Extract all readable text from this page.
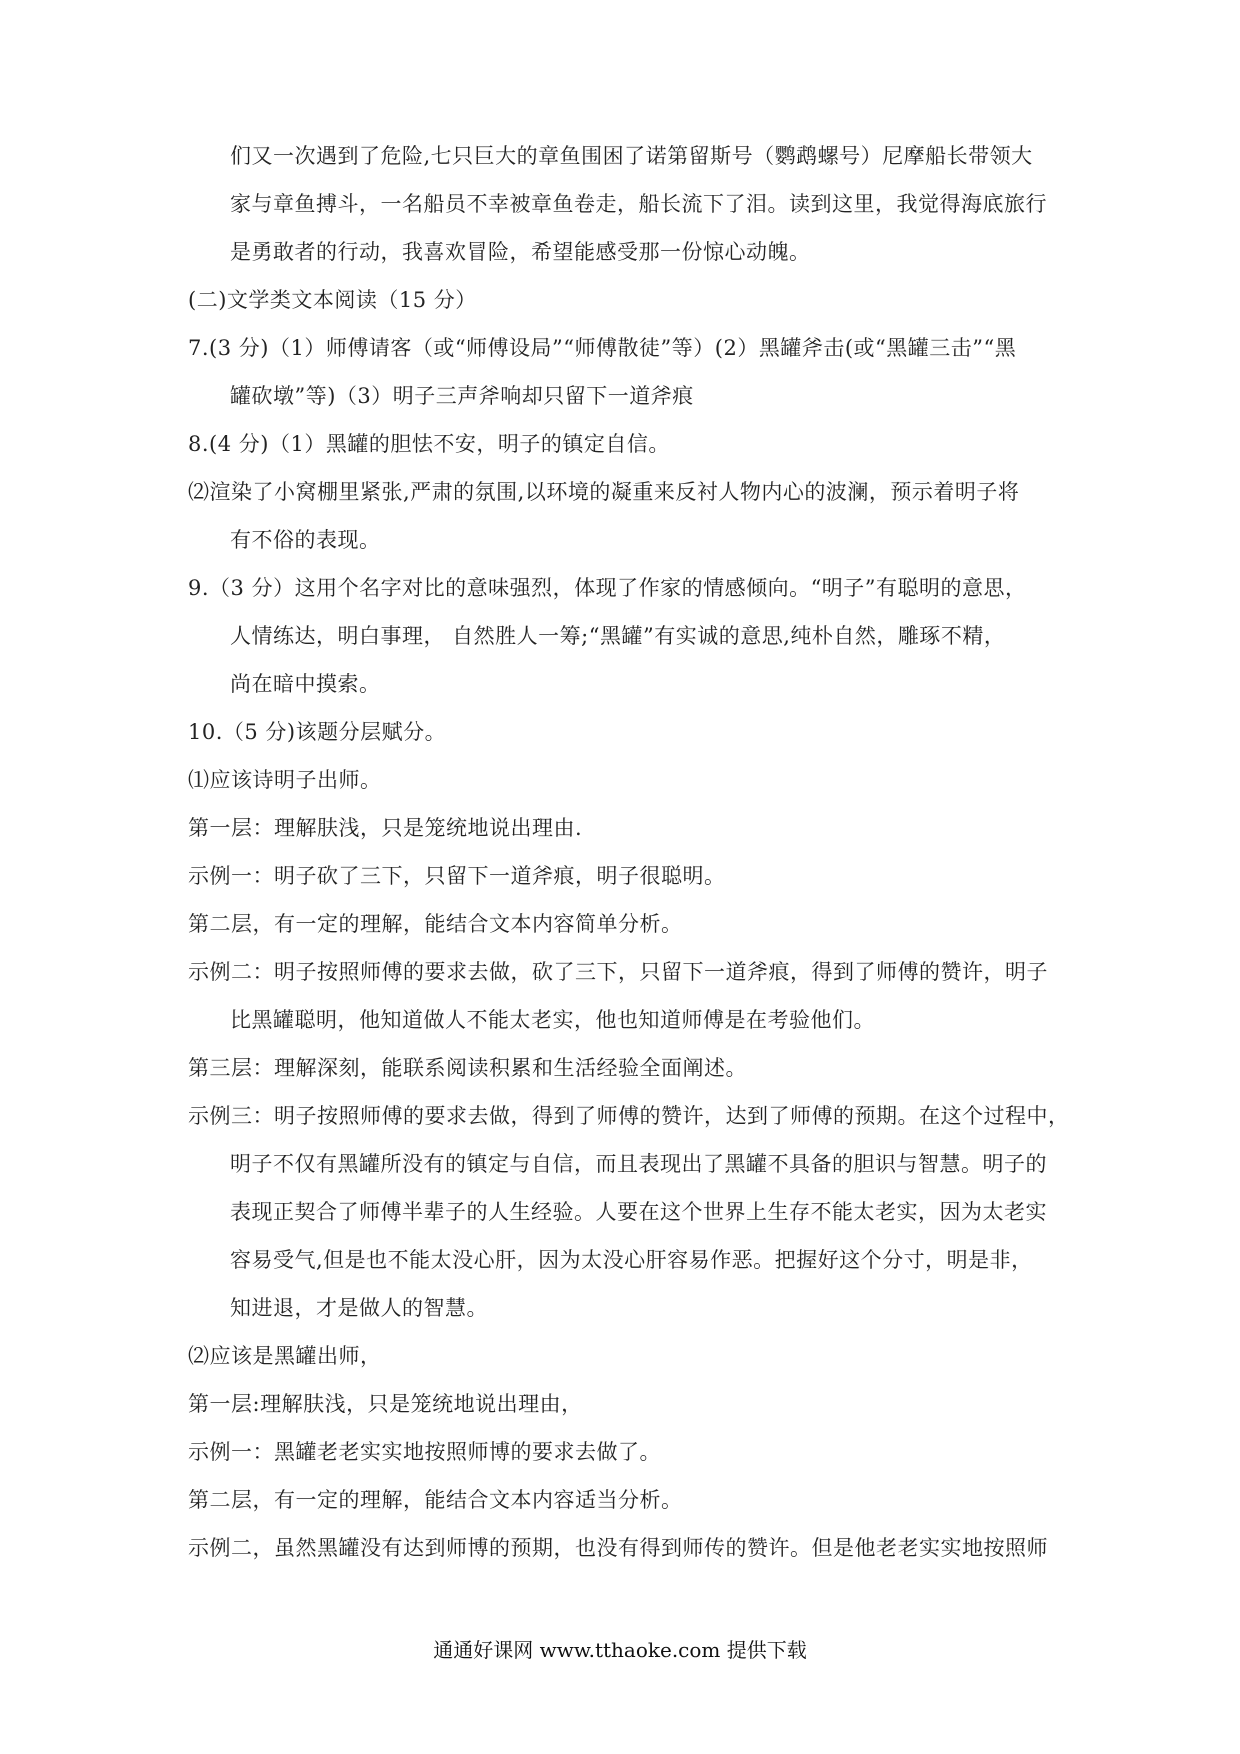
们又一次遇到了危险,七只巨大的章鱼围困了诺第留斯号（鹦鹉螺号）尼摩船长带领大
家与章鱼搏斗，一名船员不幸被章鱼卷走，船长流下了泪。读到这里，我觉得海底旅行
是勇敢者的行动，我喜欢冒险，希望能感受那一份惊心动魄。
(二)文学类文本阅读（15 分）
7.(3 分)（1）师傅请客（或“师傅设局”“师傅散徒”等）(2）黑罐斧击(或“黑罐三击”“黑
罐砍墩”等)（3）明子三声斧响却只留下一道斧痕
8.(4 分)（1）黑罐的胆怯不安，明子的镇定自信。
⑵渲染了小窝棚里紧张,严肃的氛围,以环境的凝重来反衬人物内心的波澜，预示着明子将
有不俗的表现。
9.（3 分）这用个名字对比的意味强烈，体现了作家的情感倾向。“明子”有聪明的意思，
人情练达，明白事理， 自然胜人一筹;“黑罐”有实诚的意思,纯朴自然，雕琢不精，
尚在暗中摸索。
10.（5 分)该题分层赋分。
⑴应该诗明子出师。
第一层：理解肤浅，只是笼统地说出理由.
示例一：明子砍了三下，只留下一道斧痕，明子很聪明。
第二层，有一定的理解，能结合文本内容简单分析。
示例二：明子按照师傅的要求去做，砍了三下，只留下一道斧痕，得到了师傅的赞许，明子
比黑罐聪明，他知道做人不能太老实，他也知道师傅是在考验他们。
第三层：理解深刻，能联系阅读积累和生活经验全面阐述。
示例三：明子按照师傅的要求去做，得到了师傅的赞许，达到了师傅的预期。在这个过程中，
明子不仅有黑罐所没有的镇定与自信，而且表现出了黑罐不具备的胆识与智慧。明子的
表现正契合了师傅半辈子的人生经验。人要在这个世界上生存不能太老实，因为太老实
容易受气,但是也不能太没心肝，因为太没心肝容易作恶。把握好这个分寸，明是非，
知进退，才是做人的智慧。
⑵应该是黑罐出师，
第一层:理解肤浅，只是笼统地说出理由，
示例一：黑罐老老实实地按照师博的要求去做了。
第二层，有一定的理解，能结合文本内容适当分析。
示例二，虽然黑罐没有达到师博的预期，也没有得到师传的赞许。但是他老老实实地按照师
通通好课网 www.tthaoke.com 提供下载
